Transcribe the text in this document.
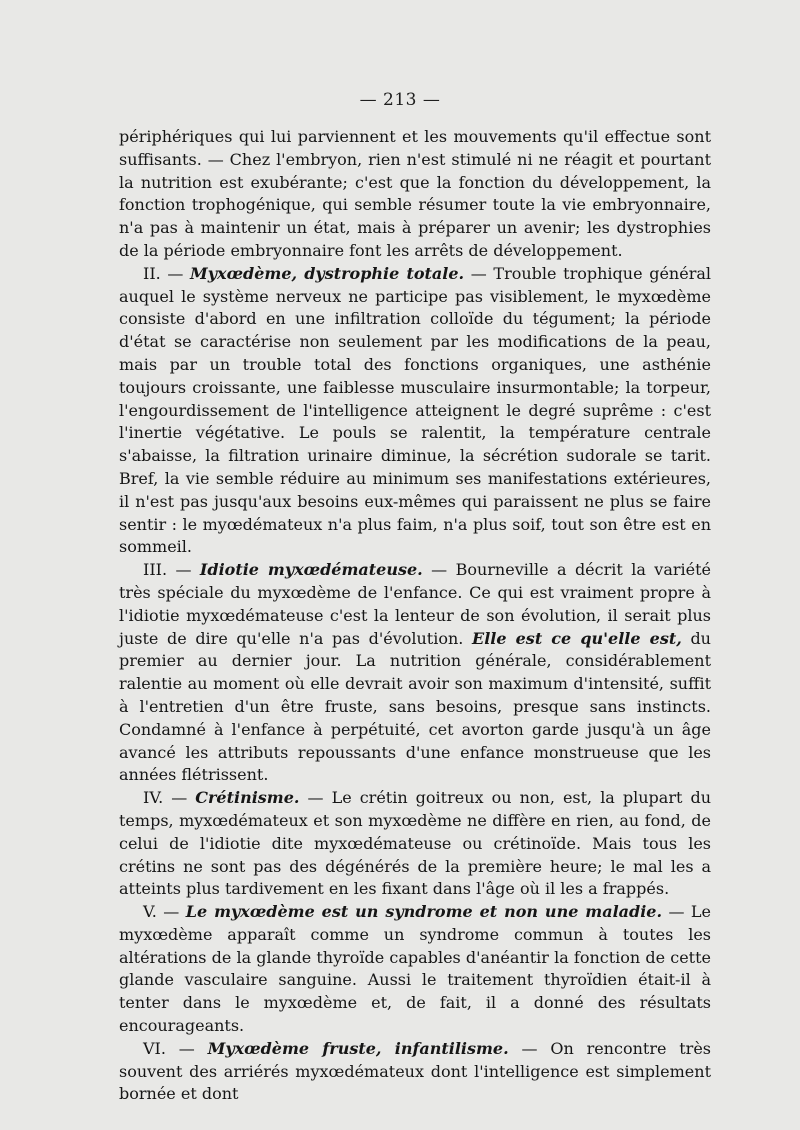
— 213 —

périphériques qui lui parviennent et les mouvements qu'il effectue sont suffisants. — Chez l'embryon, rien n'est stimulé ni ne réagit et pourtant la nutrition est exubérante; c'est que la fonction du développement, la fonction trophogénique, qui semble résumer toute la vie embryonnaire, n'a pas à maintenir un état, mais à préparer un avenir; les dystrophies de la période embryonnaire font les arrêts de développement.

II. — Myxœdème, dystrophie totale. — Trouble trophique général auquel le système nerveux ne participe pas visiblement, le myxœdème consiste d'abord en une infiltration colloïde du tégument; la période d'état se caractérise non seulement par les modifications de la peau, mais par un trouble total des fonctions organiques, une asthénie toujours croissante, une faiblesse musculaire insurmontable; la torpeur, l'engourdissement de l'intelligence atteignent le degré suprême : c'est l'inertie végétative. Le pouls se ralentit, la température centrale s'abaisse, la filtration urinaire diminue, la sécrétion sudorale se tarit. Bref, la vie semble réduire au minimum ses manifestations extérieures, il n'est pas jusqu'aux besoins eux-mêmes qui paraissent ne plus se faire sentir : le myœdémateux n'a plus faim, n'a plus soif, tout son être est en sommeil.

III. — Idiotie myxœdémateuse. — Bourneville a décrit la variété très spéciale du myxœdème de l'enfance. Ce qui est vraiment propre à l'idiotie myxœdémateuse c'est la lenteur de son évolution, il serait plus juste de dire qu'elle n'a pas d'évolution. Elle est ce qu'elle est, du premier au dernier jour. La nutrition générale, considérablement ralentie au moment où elle devrait avoir son maximum d'intensité, suffit à l'entretien d'un être fruste, sans besoins, presque sans instincts. Condamné à l'enfance à perpétuité, cet avorton garde jusqu'à un âge avancé les attributs repoussants d'une enfance monstrueuse que les années flétrissent.

IV. — Crétinisme. — Le crétin goitreux ou non, est, la plupart du temps, myxœdémateux et son myxœdème ne diffère en rien, au fond, de celui de l'idiotie dite myxœdémateuse ou crétinoïde. Mais tous les crétins ne sont pas des dégénérés de la première heure; le mal les a atteints plus tardivement en les fixant dans l'âge où il les a frappés.

V. — Le myxœdème est un syndrome et non une maladie. — Le myxœdème apparaît comme un syndrome commun à toutes les altérations de la glande thyroïde capables d'anéantir la fonction de cette glande vasculaire sanguine. Aussi le traitement thyroïdien était-il à tenter dans le myxœdème et, de fait, il a donné des résultats encourageants.

VI. — Myxœdème fruste, infantilisme. — On rencontre très souvent des arriérés myxœdémateux dont l'intelligence est simplement bornée et dont
